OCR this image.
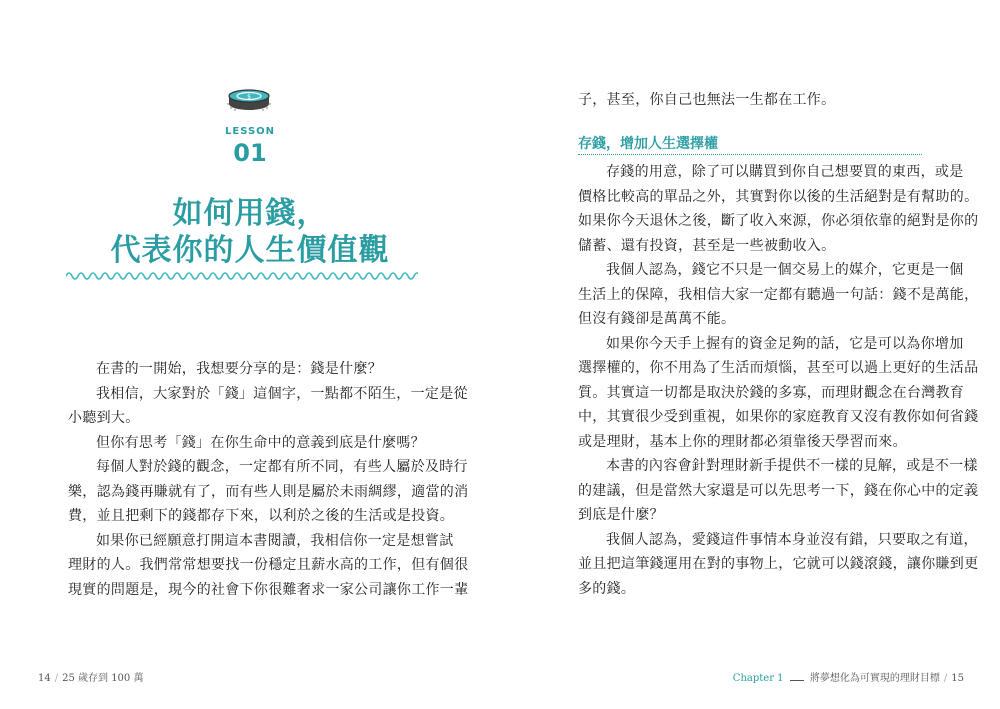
$
LESSON
01
如何用錢，
代表你的人生價值觀
在書的一開始，我想要分享的是：錢是什麼？
我相信，大家對於「錢」這個字，一點都不陌生，一定是從
小聽到大。
但你有思考「錢」在你生命中的意義到底是什麼嗎？
每個人對於錢的觀念，一定都有所不同，有些人屬於及時行
樂，認為錢再賺就有了，而有些人則是屬於未雨綢繆，適當的消
費，並且把剩下的錢都存下來，以利於之後的生活或是投資。
如果你已經願意打開這本書閱讀，我相信你一定是想嘗試
理財的人。我們常常想要找一份穩定且薪水高的工作，但有個很
現實的問題是，現今的社會下你很難奢求一家公司讓你工作一輩
14 / 25 歲存到 100 萬
子，甚至，你自己也無法一生都在工作。
存錢，增加人生選擇權
存錢的用意，除了可以購買到你自己想要買的東西，或是
價格比較高的單品之外，其實對你以後的生活絕對是有幫助的。
如果你今天退休之後，斷了收入來源，你必須依靠的絕對是你的
儲蓄、還有投資，甚至是一些被動收入。
我個人認為，錢它不只是一個交易上的媒介，它更是一個
生活上的保障，我相信大家一定都有聽過一句話：錢不是萬能，
但沒有錢卻是萬萬不能。
如果你今天手上握有的資金足夠的話，它是可以為你增加
選擇權的，你不用為了生活而煩惱，甚至可以過上更好的生活品
質。其實這一切都是取決於錢的多寡，而理財觀念在台灣教育
中，其實很少受到重視，如果你的家庭教育又沒有教你如何省錢
或是理財，基本上你的理財都必須靠後天學習而來。
本書的內容會針對理財新手提供不一樣的見解，或是不一樣
的建議，但是當然大家還是可以先思考一下，錢在你心中的定義
到底是什麼？
我個人認為，愛錢這件事情本身並沒有錯，只要取之有道，
並且把這筆錢運用在對的事物上，它就可以錢滾錢，讓你賺到更
多的錢。
Chapter 1	將夢想化為可實現的理財目標 / 15
